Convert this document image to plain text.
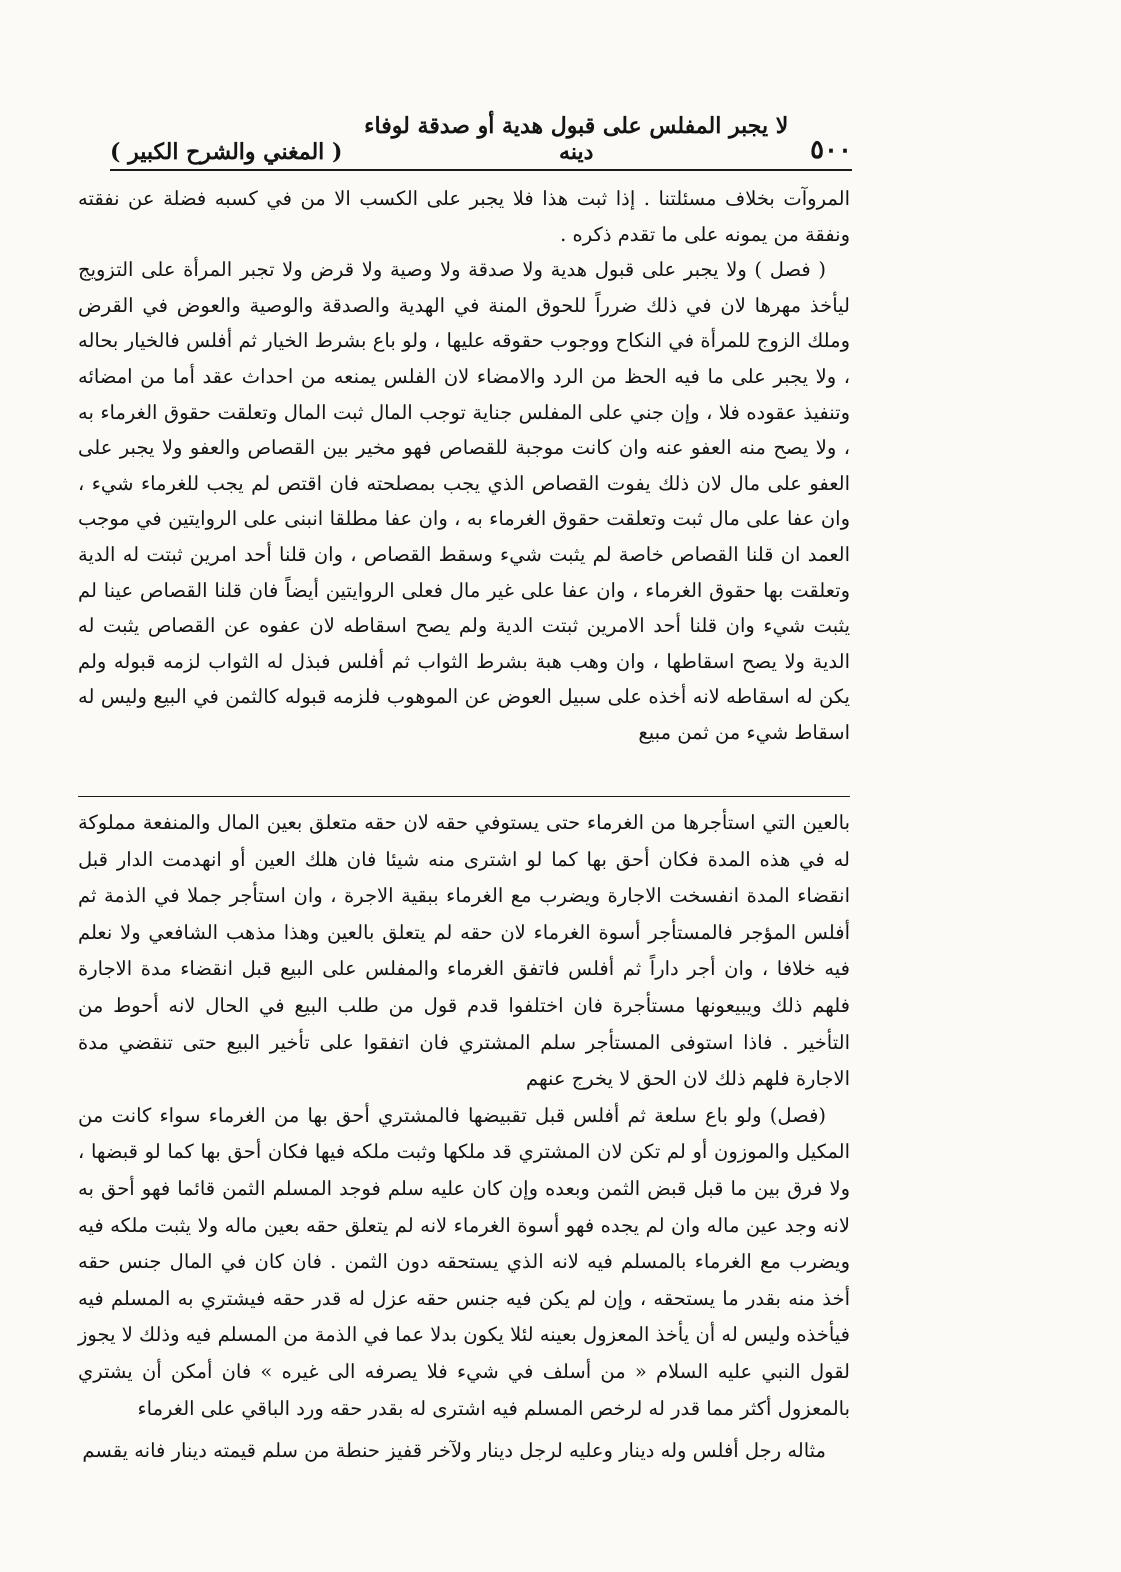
٥٠٠
لا يجبر المفلس على قبول هدية أو صدقة لوفاء دينه
( المغني والشرح الكبير )

المروآت بخلاف مسئلتنا . إذا ثبت هذا فلا يجبر على الكسب الا من في كسبه فضلة عن نفقته ونفقة من يمونه على ما تقدم ذكره .

( فصل ) ولا يجبر على قبول هدية ولا صدقة ولا وصية ولا قرض ولا تجبر المرأة على التزويج ليأخذ مهرها لان في ذلك ضرراً للحوق المنة في الهدية والصدقة والوصية والعوض في القرض وملك الزوج للمرأة في النكاح ووجوب حقوقه عليها ، ولو باع بشرط الخيار ثم أفلس فالخيار بحاله ، ولا يجبر على ما فيه الحظ من الرد والامضاء لان الفلس يمنعه من احداث عقد أما من امضائه وتنفيذ عقوده فلا ، وإن جني على المفلس جناية توجب المال ثبت المال وتعلقت حقوق الغرماء به ، ولا يصح منه العفو عنه وان كانت موجبة للقصاص فهو مخير بين القصاص والعفو ولا يجبر على العفو على مال لان ذلك يفوت القصاص الذي يجب بمصلحته فان اقتص لم يجب للغرماء شيء ، وان عفا على مال ثبت وتعلقت حقوق الغرماء به ، وان عفا مطلقا انبنى على الروايتين في موجب العمد ان قلنا القصاص خاصة لم يثبت شيء وسقط القصاص ، وان قلنا أحد امرين ثبتت له الدية وتعلقت بها حقوق الغرماء ، وان عفا على غير مال فعلى الروايتين أيضاً فان قلنا القصاص عينا لم يثبت شيء وان قلنا أحد الامرين ثبتت الدية ولم يصح اسقاطه لان عفوه عن القصاص يثبت له الدية ولا يصح اسقاطها ، وان وهب هبة بشرط الثواب ثم أفلس فبذل له الثواب لزمه قبوله ولم يكن له اسقاطه لانه أخذه على سبيل العوض عن الموهوب فلزمه قبوله كالثمن في البيع وليس له اسقاط شيء من ثمن مبيع

بالعين التي استأجرها من الغرماء حتى يستوفي حقه لان حقه متعلق بعين المال والمنفعة مملوكة له في هذه المدة فكان أحق بها كما لو اشترى منه شيئا فان هلك العين أو انهدمت الدار قبل انقضاء المدة انفسخت الاجارة ويضرب مع الغرماء ببقية الاجرة ، وان استأجر جملا في الذمة ثم أفلس المؤجر فالمستأجر أسوة الغرماء لان حقه لم يتعلق بالعين وهذا مذهب الشافعي ولا نعلم فيه خلافا ، وان أجر داراً ثم أفلس فاتفق الغرماء والمفلس على البيع قبل انقضاء مدة الاجارة فلهم ذلك ويبيعونها مستأجرة فان اختلفوا قدم قول من طلب البيع في الحال لانه أحوط من التأخير . فاذا استوفى المستأجر سلم المشتري فان اتفقوا على تأخير البيع حتى تنقضي مدة الاجارة فلهم ذلك لان الحق لا يخرج عنهم

(فصل) ولو باع سلعة ثم أفلس قبل تقبيضها فالمشتري أحق بها من الغرماء سواء كانت من المكيل والموزون أو لم تكن لان المشتري قد ملكها وثبت ملكه فيها فكان أحق بها كما لو قبضها ، ولا فرق بين ما قبل قبض الثمن وبعده وإن كان عليه سلم فوجد المسلم الثمن قائما فهو أحق به لانه وجد عين ماله وان لم يجده فهو أسوة الغرماء لانه لم يتعلق حقه بعين ماله ولا يثبت ملكه فيه ويضرب مع الغرماء بالمسلم فيه لانه الذي يستحقه دون الثمن . فان كان في المال جنس حقه أخذ منه بقدر ما يستحقه ، وإن لم يكن فيه جنس حقه عزل له قدر حقه فيشتري به المسلم فيه فيأخذه وليس له أن يأخذ المعزول بعينه لئلا يكون بدلا عما في الذمة من المسلم فيه وذلك لا يجوز لقول النبي عليه السلام « من أسلف في شيء فلا يصرفه الى غيره » فان أمكن أن يشتري بالمعزول أكثر مما قدر له لرخص المسلم فيه اشترى له بقدر حقه ورد الباقي على الغرماء

مثاله رجل أفلس وله دينار وعليه لرجل دينار ولآخر قفيز حنطة من سلم قيمته دينار فانه يقسم
